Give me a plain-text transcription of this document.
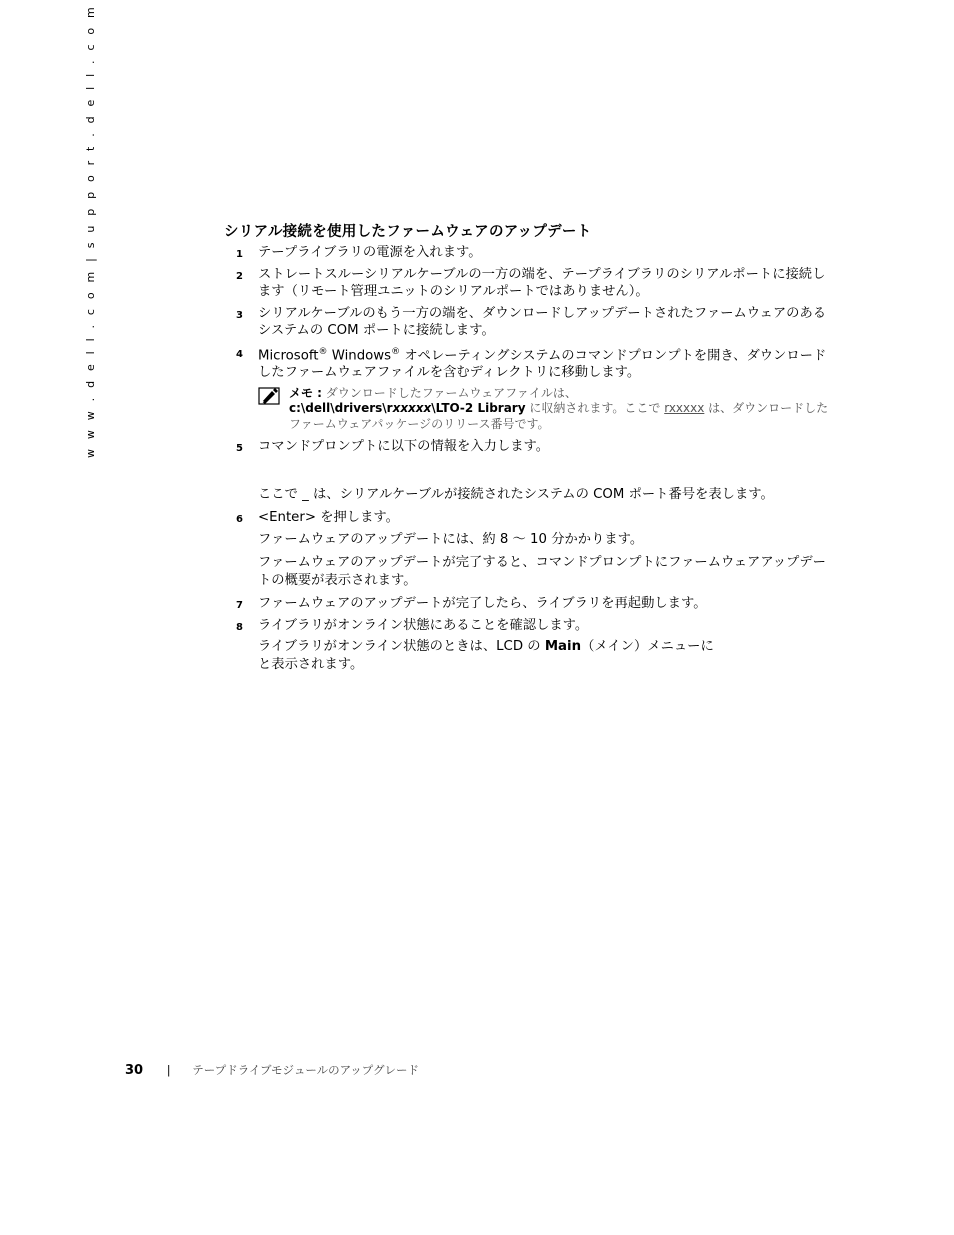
w w w . d e l l . c o m | s u p p o r t . d e l l . c o m	シリアル接続を使用したファームウェアのアップデート
1	テープライブラリの電源を入れます。
2	ストレートスルーシリアルケーブルの一方の端を、テープライブラリのシリアルポートに接続します（リモート管理ユニットのシリアルポートではありません）。
3	シリアルケーブルのもう一方の端を、ダウンロードしアップデートされたファームウェアのあるシステムの COM ポートに接続します。
4	Microsoft® Windows® オペレーティングシステムのコマンドプロンプトを開き、ダウンロードしたファームウェアファイルを含むディレクトリに移動します。
メモ : ダウンロードしたファームウェアファイルは、
c:\dell\drivers\rxxxxx\LTO-2 Library に収納されます。ここで rxxxxx は、ダウンロードしたファームウェアパッケージのリリース番号です。
5	コマンドプロンプトに以下の情報を入力します。
ここで _ は、シリアルケーブルが接続されたシステムの COM ポート番号を表します。
6	<Enter> を押します。
ファームウェアのアップデートには、約 8 〜 10 分かかります。
ファームウェアのアップデートが完了すると、コマンドプロンプトにファームウェアアップデートの概要が表示されます。
7	ファームウェアのアップデートが完了したら、ライブラリを再起動します。
8	ライブラリがオンライン状態にあることを確認します。
ライブラリがオンライン状態のときは、LCD の Main（メイン）メニューに
と表示されます。
30 | テープドライブモジュールのアップグレード
